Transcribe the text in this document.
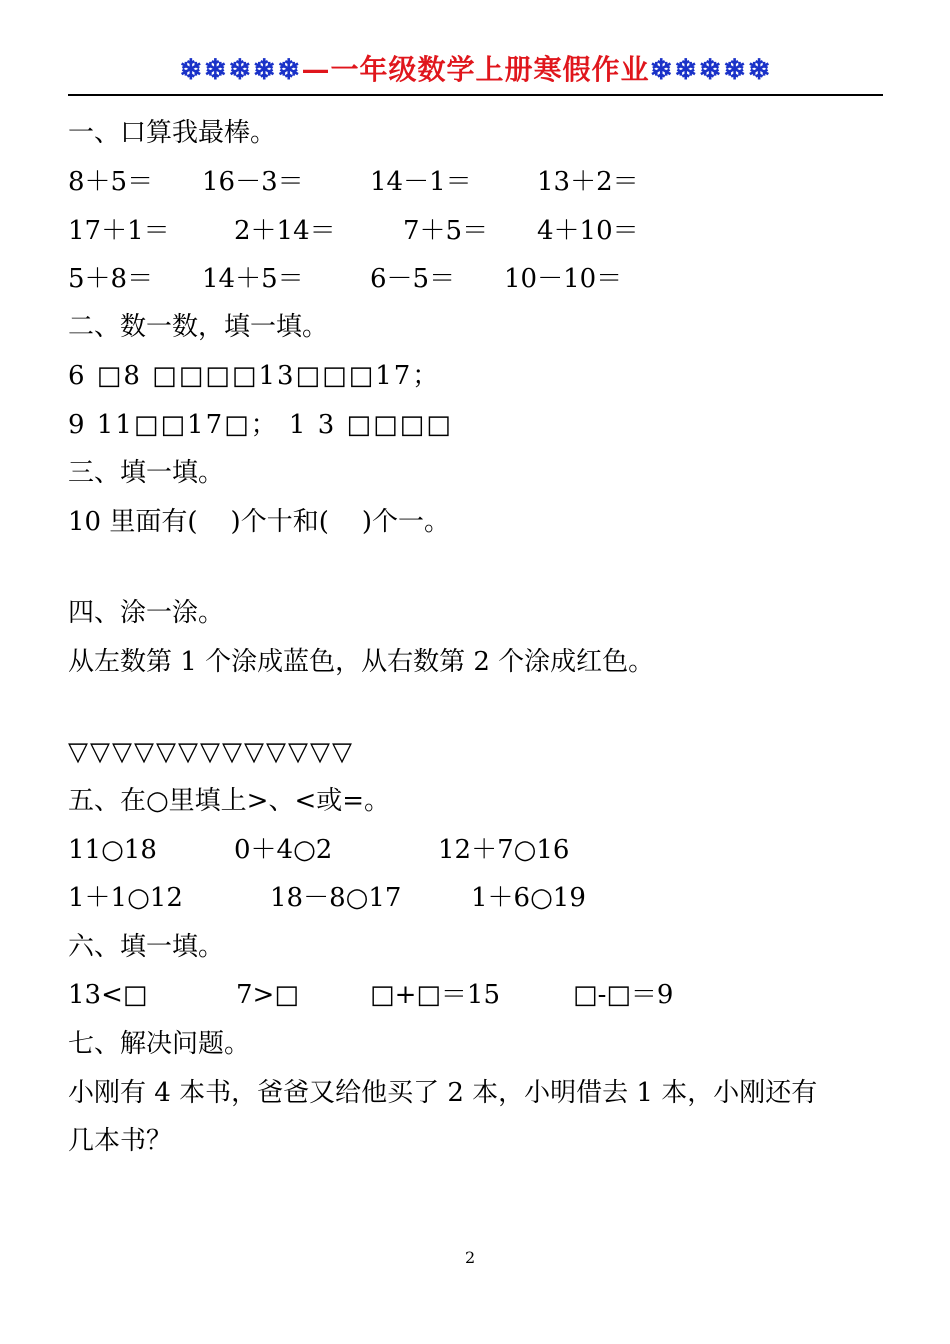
❄❄❄❄❄—一年级数学上册寒假作业❄❄❄❄❄
一、口算我最棒。
8＋5＝ 16－3＝	14－1＝	13＋2＝
17＋1＝ 2＋14＝	7＋5＝ 4＋10＝
5＋8＝ 14＋5＝	6－5＝ 10－10＝
二、数一数，填一填。
6 □8 □□□□13□□□17；
9 11□□17□； 1 3 □□□□
三、填一填。
10 里面有(    )个十和(    )个一。
四、涂一涂。
从左数第 1 个涂成蓝色，从右数第 2 个涂成红色。
▽▽▽▽▽▽▽▽▽▽▽▽▽
五、在○里填上>、<或=。
11○18	0＋4○2	12＋7○16
1＋1○12	18－8○17	1＋6○19
六、填一填。
13<□	7>□	□+□＝15	□-□＝9
七、解决问题。
小刚有 4 本书，爸爸又给他买了 2 本，小明借去 1 本，小刚还有
几本书？
2
